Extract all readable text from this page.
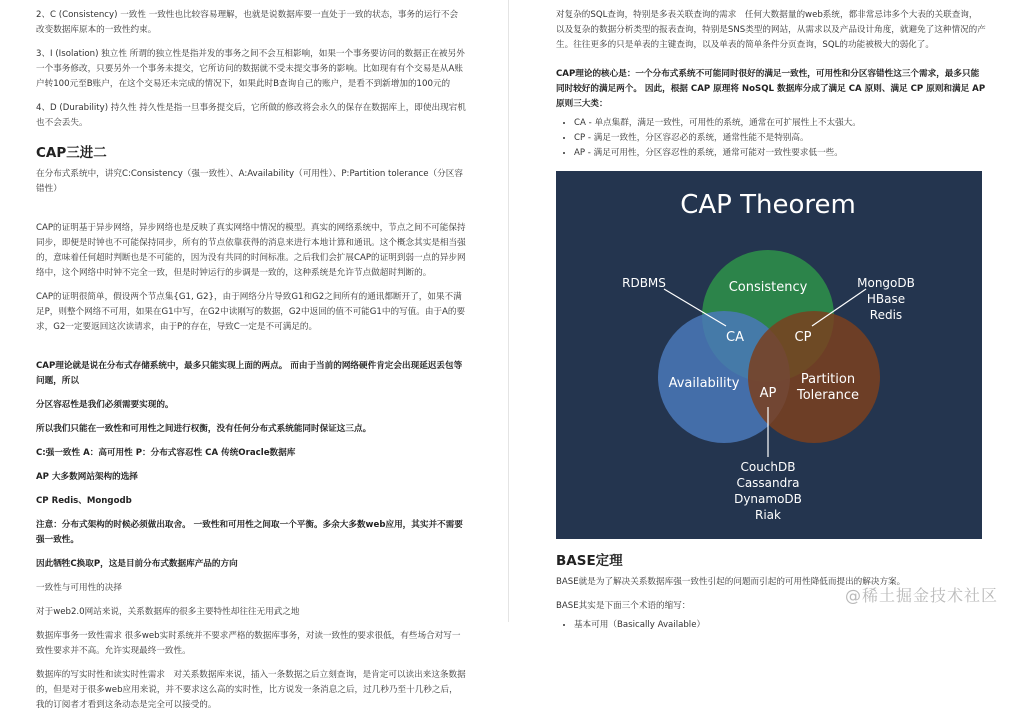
2、C (Consistency) 一致性 一致性也比较容易理解，也就是说数据库要一直处于一致的状态，事务的运行不会改变数据库原本的一致性约束。

3、I (Isolation) 独立性 所谓的独立性是指并发的事务之间不会互相影响，如果一个事务要访问的数据正在被另外一个事务修改，只要另外一个事务未提交，它所访问的数据就不受未提交事务的影响。比如现有有个交易是从A账户转100元至B账户，在这个交易还未完成的情况下，如果此时B查询自己的账户，是看不到新增加的100元的

4、D (Durability) 持久性 持久性是指一旦事务提交后，它所做的修改将会永久的保存在数据库上，即使出现宕机也不会丢失。

CAP三进二

在分布式系统中，讲究C:Consistency（强一致性）、A:Availability（可用性）、P:Partition tolerance（分区容错性）

CAP的证明基于异步网络，异步网络也是反映了真实网络中情况的模型。真实的网络系统中，节点之间不可能保持同步，即便是时钟也不可能保持同步，所有的节点依靠获得的消息来进行本地计算和通讯。这个概念其实是相当强的，意味着任何超时判断也是不可能的，因为没有共同的时间标准。之后我们会扩展CAP的证明到弱一点的异步网络中，这个网络中时钟不完全一致，但是时钟运行的步调是一致的，这种系统是允许节点做超时判断的。

CAP的证明很简单，假设两个节点集{G1, G2}，由于网络分片导致G1和G2之间所有的通讯都断开了，如果不满足P，则整个网络不可用，如果在G1中写，在G2中读刚写的数据，G2中返回的值不可能G1中的写值。由于A的要求，G2一定要返回这次读请求，由于P的存在，导致C一定是不可满足的。

CAP理论就是说在分布式存储系统中，最多只能实现上面的两点。 而由于当前的网络硬件肯定会出现延迟丢包等问题，所以

分区容忍性是我们必须需要实现的。

所以我们只能在一致性和可用性之间进行权衡，没有任何分布式系统能同时保证这三点。

C:强一致性 A：高可用性 P：分布式容忍性 CA 传统Oracle数据库

AP 大多数网站架构的选择

CP Redis、Mongodb

注意：分布式架构的时候必须做出取舍。 一致性和可用性之间取一个平衡。多余大多数web应用，其实并不需要强一致性。

因此牺牲C换取P，这是目前分布式数据库产品的方向

一致性与可用性的决择

对于web2.0网站来说，关系数据库的很多主要特性却往往无用武之地

数据库事务一致性需求 很多web实时系统并不要求严格的数据库事务，对读一致性的要求很低，有些场合对写一致性要求并不高。允许实现最终一致性。

数据库的写实时性和读实时性需求　对关系数据库来说，插入一条数据之后立刻查询，是肯定可以读出来这条数据的，但是对于很多web应用来说，并不要求这么高的实时性，比方说发一条消息之后，过几秒乃至十几秒之后，我的订阅者才看到这条动态是完全可以接受的。

对复杂的SQL查询，特别是多表关联查询的需求　任何大数据量的web系统，都非常忌讳多个大表的关联查询，以及复杂的数据分析类型的报表查询，特别是SNS类型的网站，从需求以及产品设计角度，就避免了这种情况的产生。往往更多的只是单表的主键查询，以及单表的简单条件分页查询，SQL的功能被极大的弱化了。

CAP理论的核心是：一个分布式系统不可能同时很好的满足一致性，可用性和分区容错性这三个需求，最多只能同时较好的满足两个。 因此，根据 CAP 原理将 NoSQL 数据库分成了满足 CA 原则、满足 CP 原则和满足 AP 原则三大类：

• CA - 单点集群，满足一致性，可用性的系统，通常在可扩展性上不太强大。
• CP - 满足一致性，分区容忍必的系统，通常性能不是特别高。
• AP - 满足可用性，分区容忍性的系统，通常可能对一致性要求低一些。
CAP Theorem
Consistency
Availability	Partition
Tolerance
CA	CP
AP
RDBMS	MongoDB
HBase
Redis
CouchDB
Cassandra
DynamoDB
Riak
BASE定理

BASE就是为了解决关系数据库强一致性引起的问题而引起的可用性降低而提出的解决方案。

BASE其实是下面三个术语的缩写：

• 基本可用（Basically Available）
@稀土掘金技术社区
